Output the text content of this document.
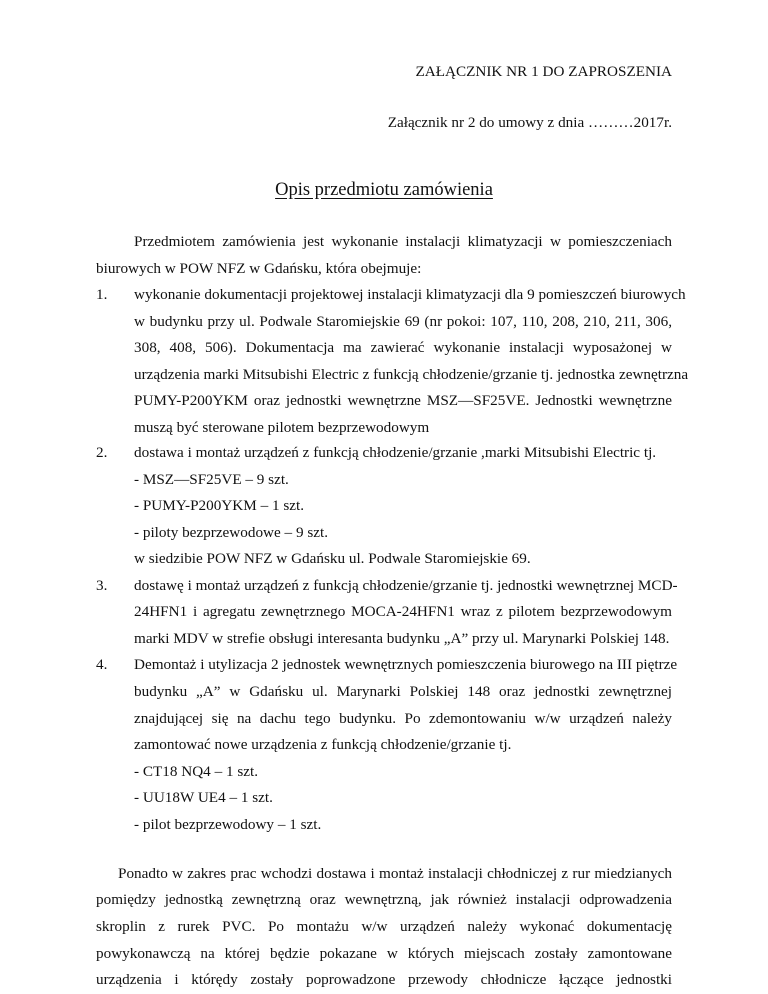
ZAŁĄCZNIK NR 1 DO ZAPROSZENIA
Załącznik nr 2 do umowy z dnia ………2017r.
Opis przedmiotu zamówienia
Przedmiotem zamówienia jest wykonanie instalacji klimatyzacji w pomieszczeniach
biurowych w POW NFZ w Gdańsku, która obejmuje:
1. wykonanie dokumentacji projektowej instalacji klimatyzacji dla 9 pomieszczeń biurowych
w budynku przy ul. Podwale Staromiejskie 69 (nr pokoi: 107, 110, 208, 210, 211, 306,
308, 408, 506). Dokumentacja ma zawierać wykonanie instalacji wyposażonej w
urządzenia marki Mitsubishi Electric z funkcją chłodzenie/grzanie tj. jednostka zewnętrzna
PUMY-P200YKM oraz jednostki wewnętrzne MSZ—SF25VE. Jednostki wewnętrzne
muszą być sterowane pilotem bezprzewodowym
2. dostawa i montaż urządzeń z funkcją chłodzenie/grzanie ,marki Mitsubishi Electric tj.
- MSZ—SF25VE – 9 szt.
- PUMY-P200YKM – 1 szt.
- piloty bezprzewodowe – 9 szt.
w siedzibie POW NFZ w Gdańsku ul. Podwale Staromiejskie 69.
3. dostawę i montaż urządzeń z funkcją chłodzenie/grzanie tj. jednostki wewnętrznej MCD-
24HFN1 i agregatu zewnętrznego MOCA-24HFN1 wraz z pilotem bezprzewodowym
marki MDV w strefie obsługi interesanta budynku „A” przy ul. Marynarki Polskiej 148.
4. Demontaż i utylizacja 2 jednostek wewnętrznych pomieszczenia biurowego na III piętrze
budynku „A” w Gdańsku ul. Marynarki Polskiej 148 oraz jednostki zewnętrznej
znajdującej się na dachu tego budynku. Po zdemontowaniu w/w urządzeń należy
zamontować nowe urządzenia z funkcją chłodzenie/grzanie tj.
- CT18 NQ4 – 1 szt.
- UU18W UE4 – 1 szt.
- pilot bezprzewodowy – 1 szt.
Ponadto w zakres prac wchodzi dostawa i montaż instalacji chłodniczej z rur miedzianych
pomiędzy jednostką zewnętrzną oraz wewnętrzną, jak również instalacji odprowadzenia
skroplin z rurek PVC. Po montażu w/w urządzeń należy wykonać dokumentację
powykonawczą na której będzie pokazane w których miejscach zostały zamontowane
urządzenia i którędy zostały poprowadzone przewody chłodnicze łączące jednostki
